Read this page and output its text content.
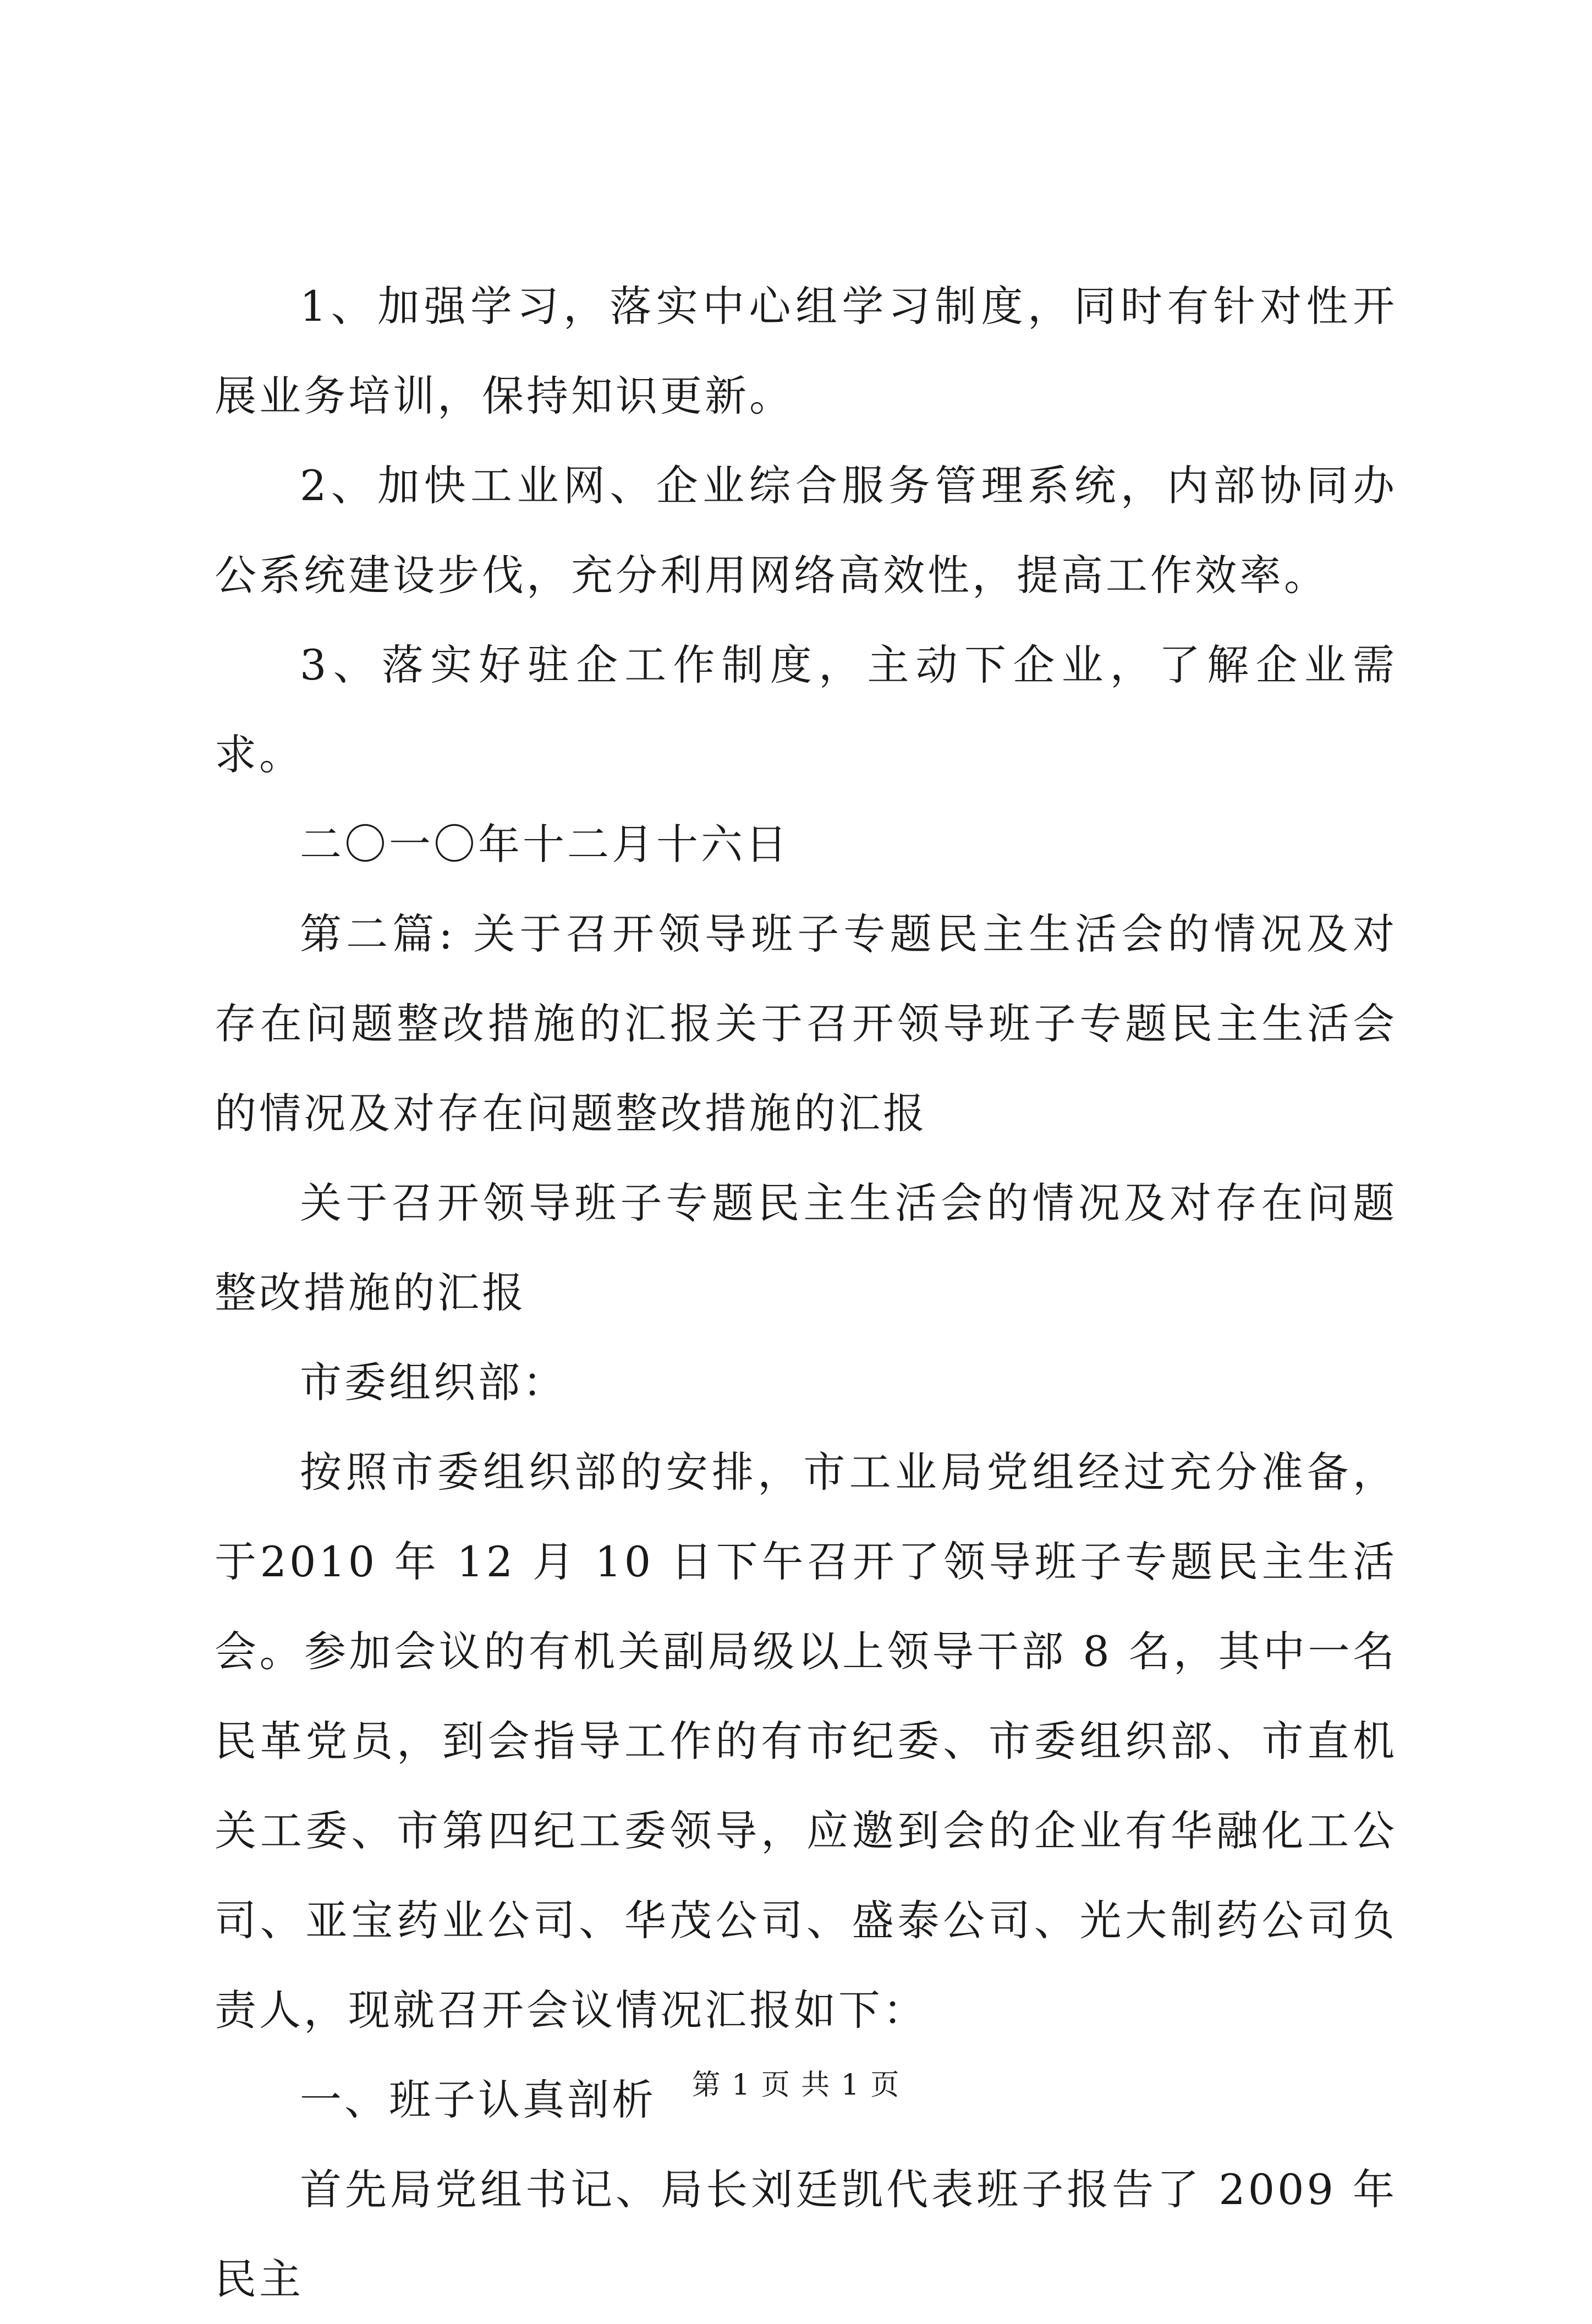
1、加强学习，落实中心组学习制度，同时有针对性开展业务培训，保持知识更新。

2、加快工业网、企业综合服务管理系统，内部协同办公系统建设步伐，充分利用网络高效性，提高工作效率。

3、落实好驻企工作制度，主动下企业，了解企业需求。

二〇一〇年十二月十六日

第二篇: 关于召开领导班子专题民主生活会的情况及对存在问题整改措施的汇报关于召开领导班子专题民主生活会的情况及对存在问题整改措施的汇报

关于召开领导班子专题民主生活会的情况及对存在问题整改措施的汇报

市委组织部：

按照市委组织部的安排，市工业局党组经过充分准备，于2010 年 12 月 10 日下午召开了领导班子专题民主生活会。参加会议的有机关副局级以上领导干部 8 名，其中一名民革党员，到会指导工作的有市纪委、市委组织部、市直机关工委、市第四纪工委领导，应邀到会的企业有华融化工公司、亚宝药业公司、华茂公司、盛泰公司、光大制药公司负责人，现就召开会议情况汇报如下：

一、班子认真剖析

首先局党组书记、局长刘廷凯代表班子报告了 2009 年民主

第 1 页 共 1 页
